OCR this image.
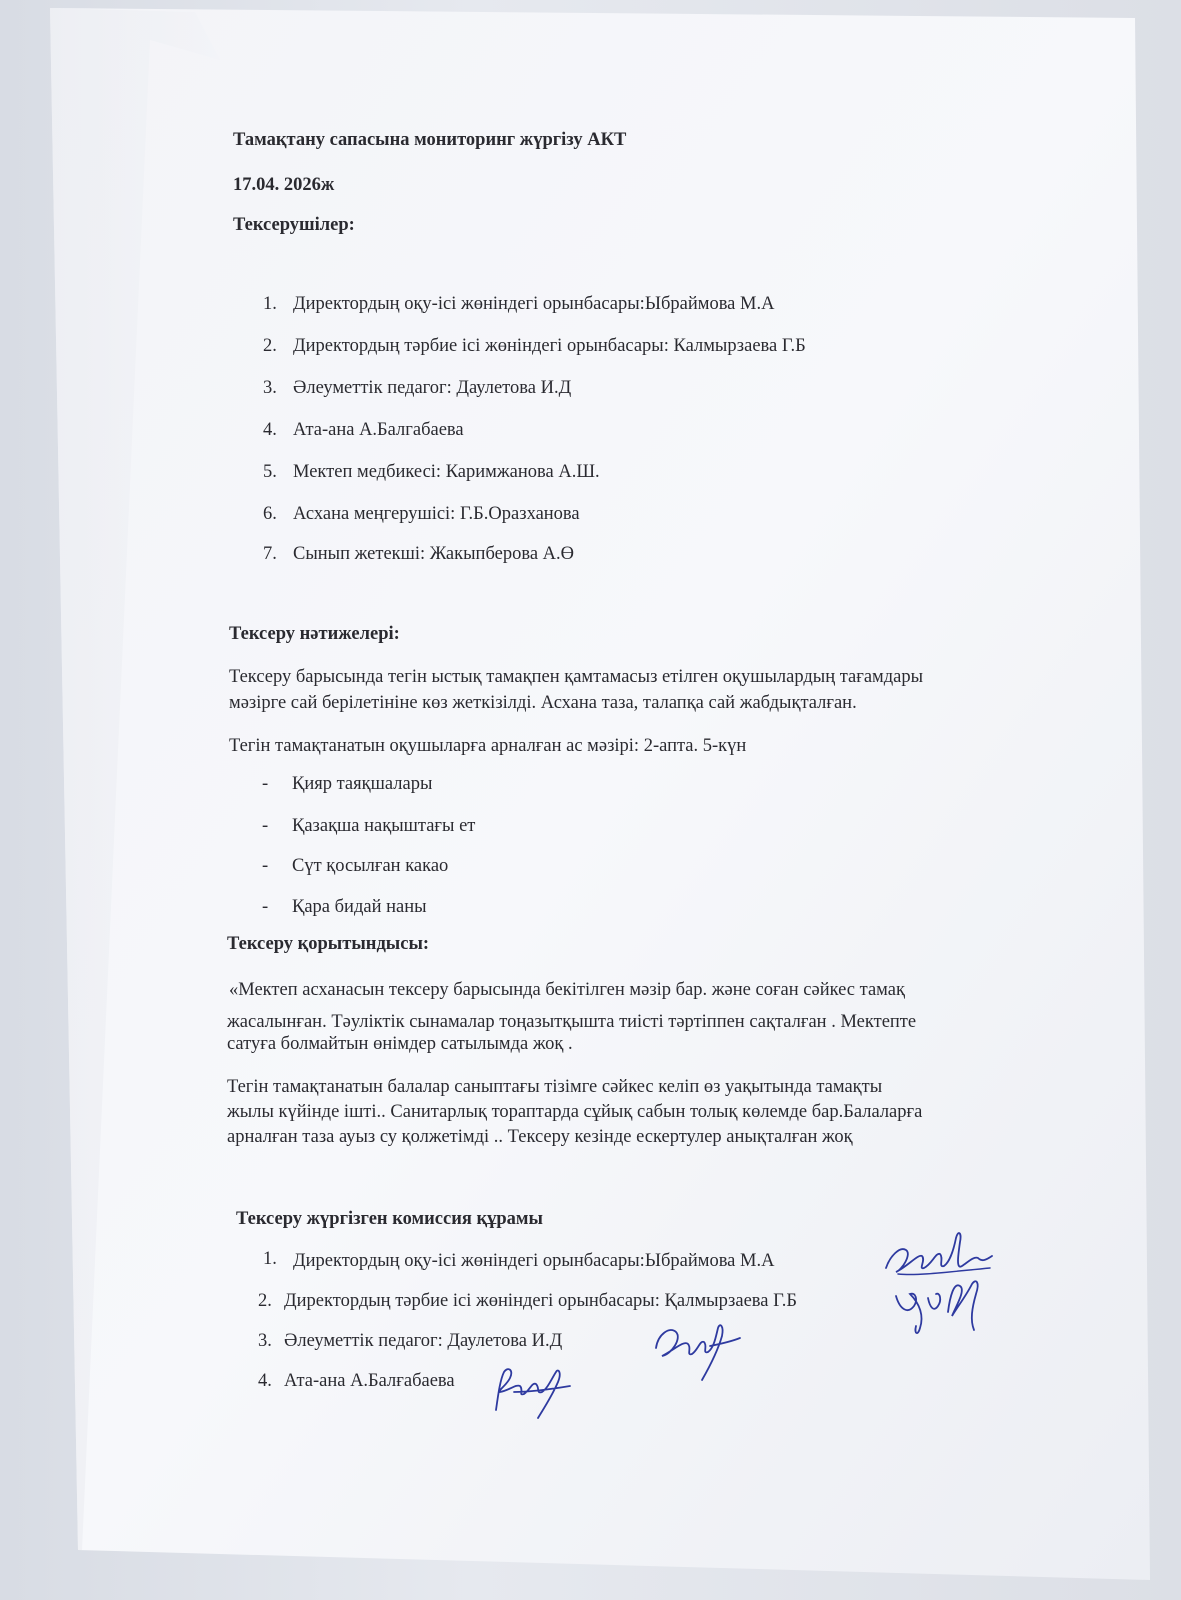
Тамақтану сапасына мониторинг жүргізу АКТ
17.04. 2026ж
Тексерушілер:
1. Директордың оқу-ісі жөніндегі орынбасары:Ыбраймова М.А
2. Директордың тәрбие ісі жөніндегі орынбасары: Калмырзаева Г.Б
3. Әлеуметтік педагог: Даулетова И.Д
4. Ата-ана А.Балгабаева
5. Мектеп медбикесі: Каримжанова А.Ш.
6. Асхана меңгерушісі: Г.Б.Оразханова
7. Сынып жетекші: Жакыпберова А.Ө
Тексеру нәтижелері:
Тексеру барысында тегін ыстық тамақпен қамтамасыз етілген оқушылардың тағамдары
мәзірге сай берілетініне көз жеткізілді. Асхана таза, талапқа сай жабдықталған.
Тегін тамақтанатын оқушыларға арналған ас мәзірі: 2-апта. 5-күн
- Қияр таяқшалары
- Қазақша нақыштағы ет
- Сүт қосылған какао
- Қара бидай наны
Тексеру қорытындысы:
«Мектеп асханасын тексеру барысында бекітілген мәзір бар. және соған сәйкес тамақ
жасалынған. Тәуліктік сынамалар тоңазытқышта тиісті тәртіппен сақталған . Мектепте
сатуға болмайтын өнімдер сатылымда жоқ .
Тегін тамақтанатын балалар саныптағы тізімге сәйкес келіп өз уақытында тамақты
жылы күйінде ішті.. Санитарлық тораптарда сұйық сабын толық көлемде бар.Балаларға
арналған таза ауыз су қолжетімді .. Тексеру кезінде ескертулер анықталған жоқ
Тексеру жүргізген комиссия құрамы
1. Директордың оқу-ісі жөніндегі орынбасары:Ыбраймова М.А
2. Директордың тәрбие ісі жөніндегі орынбасары: Қалмырзаева Г.Б
3. Әлеуметтік педагог: Даулетова И.Д
4. Ата-ана А.Балғабаева
